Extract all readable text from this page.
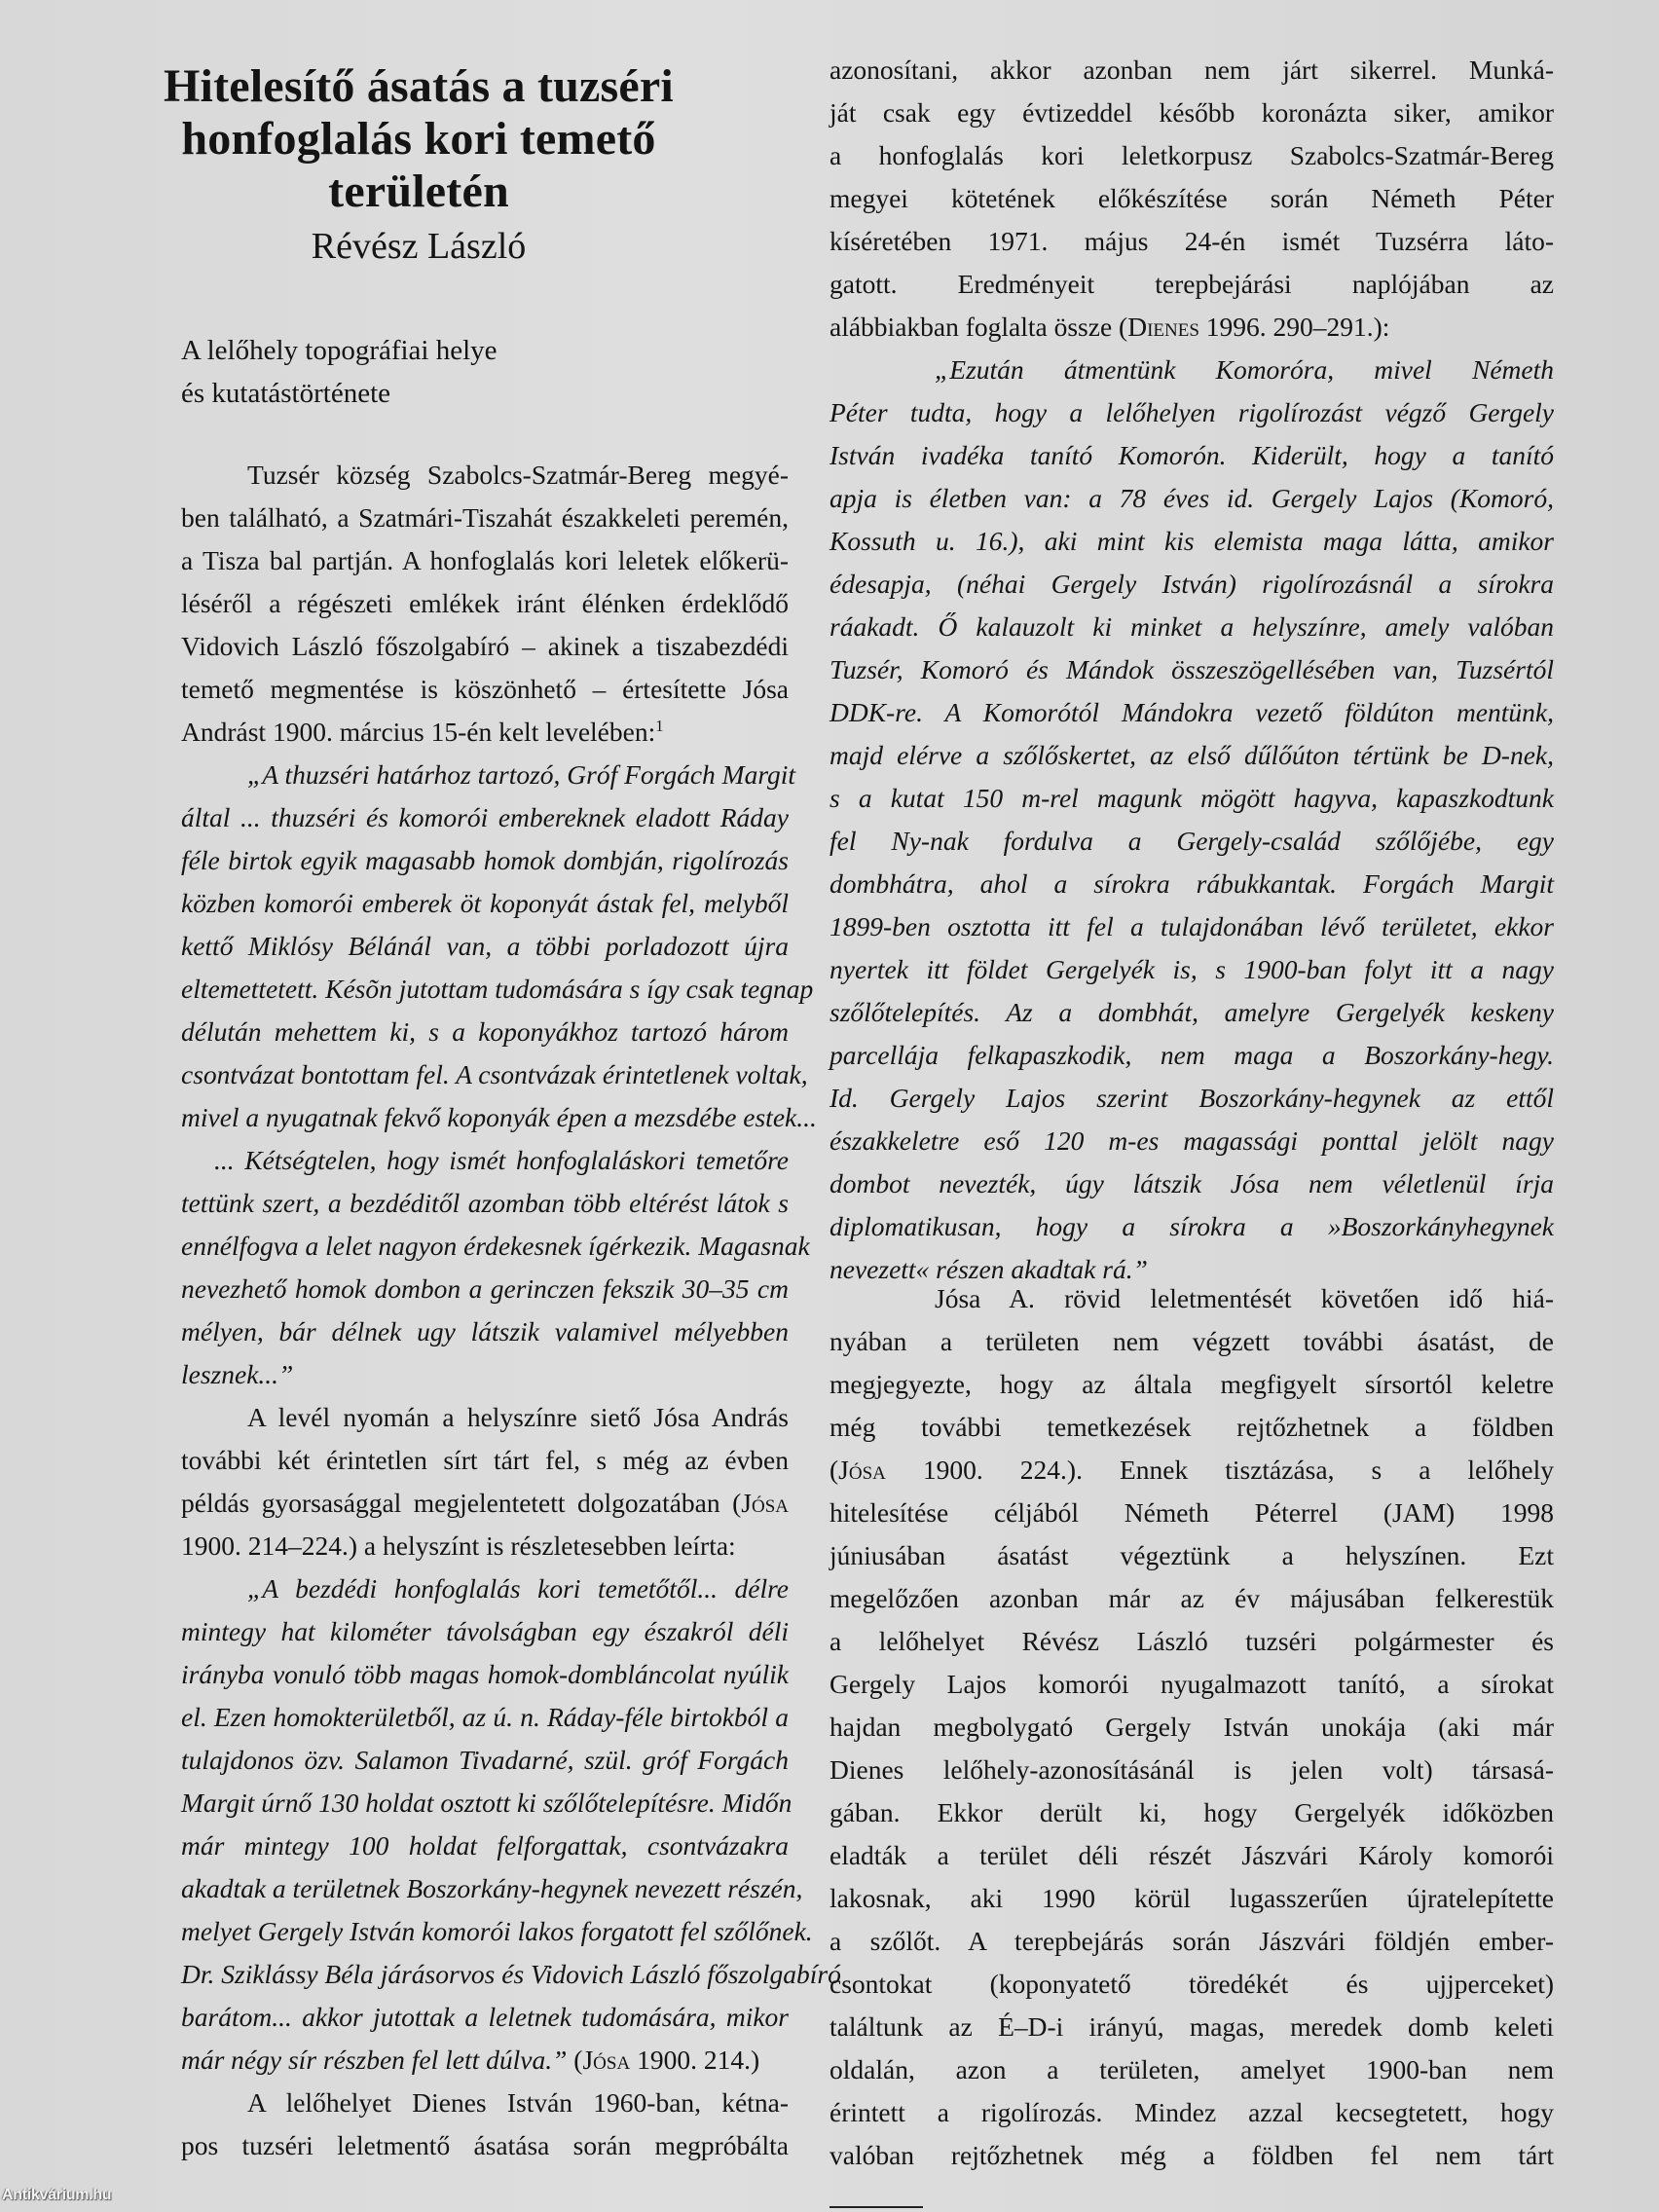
Hitelesítő ásatás a tuzséri
honfoglalás kori temető
területén
Révész László
A lelőhely topográfiai helye
és kutatástörténete
Tuzsér község Szabolcs-Szatmár-Bereg megyé-
ben található, a Szatmári-Tiszahát északkeleti peremén,
a Tisza bal partján. A honfoglalás kori leletek előkerü-
léséről a régészeti emlékek iránt élénken érdeklődő
Vidovich László főszolgabíró – akinek a tiszabezdédi
temető megmentése is köszönhető – értesítette Jósa
Andrást 1900. március 15-én kelt levelében:$^1$
„A thuzséri határhoz tartozó, Gróf Forgách Margit
által ... thuzséri és komorói embereknek eladott Ráday
féle birtok egyik magasabb homok dombján, rigolírozás
közben komorói emberek öt koponyát ástak fel, melyből
kettő Miklósy Bélánál van, a többi porladozott újra
eltemettetett. Késõn jutottam tudomására s így csak tegnap
délután mehettem ki, s a koponyákhoz tartozó három
csontvázat bontottam fel. A csontvázak érintetlenek voltak,
mivel a nyugatnak fekvő koponyák épen a mezsdébe estek...
... Kétségtelen, hogy ismét honfoglaláskori temetőre
tettünk szert, a bezdéditől azomban több eltérést látok s
ennélfogva a lelet nagyon érdekesnek ígérkezik. Magasnak
nevezhető homok dombon a gerinczen fekszik 30–35 cm
mélyen, bár délnek ugy látszik valamivel mélyebben
lesznek...”
A levél nyomán a helyszínre siető Jósa András
további két érintetlen sírt tárt fel, s még az évben
példás gyorsasággal megjelentetett dolgozatában (Jósa
1900. 214–224.) a helyszínt is részletesebben leírta:
„A bezdédi honfoglalás kori temetőtől... délre
mintegy hat kilométer távolságban egy északról déli
irányba vonuló több magas homok-dombláncolat nyúlik
el. Ezen homokterületből, az ú. n. Ráday-féle birtokból a
tulajdonos özv. Salamon Tivadarné, szül. gróf Forgách
Margit úrnő 130 holdat osztott ki szőlőtelepítésre. Midőn
már mintegy 100 holdat felforgattak, csontvázakra
akadtak a területnek Boszorkány-hegynek nevezett részén,
melyet Gergely István komorói lakos forgatott fel szőlőnek.
Dr. Sziklássy Béla járásorvos és Vidovich László főszolgabíró
barátom... akkor jutottak a leletnek tudomására, mikor
már négy sír részben fel lett dúlva.” (Jósa 1900. 214.)
A lelőhelyet Dienes István 1960-ban, kétna-
pos tuzséri leletmentő ásatása során megpróbálta
azonosítani, akkor azonban nem járt sikerrel. Munká-
ját csak egy évtizeddel később koronázta siker, amikor
a honfoglalás kori leletkorpusz Szabolcs-Szatmár-Bereg
megyei kötetének előkészítése során Németh Péter
kíséretében 1971. május 24-én ismét Tuzsérra láto-
gatott. Eredményeit terepbejárási naplójában az
alábbiakban foglalta össze (Dienes 1996. 290–291.):
„Ezután átmentünk Komoróra, mivel Németh
Péter tudta, hogy a lelőhelyen rigolírozást végző Gergely
István ivadéka tanító Komorón. Kiderült, hogy a tanító
apja is életben van: a 78 éves id. Gergely Lajos (Komoró,
Kossuth u. 16.), aki mint kis elemista maga látta, amikor
édesapja, (néhai Gergely István) rigolírozásnál a sírokra
ráakadt. Ő kalauzolt ki minket a helyszínre, amely valóban
Tuzsér, Komoró és Mándok összeszögellésében van, Tuzsértól
DDK-re. A Komorótól Mándokra vezető földúton mentünk,
majd elérve a szőlőskertet, az első dűlőúton tértünk be D-nek,
s a kutat 150 m-rel magunk mögött hagyva, kapaszkodtunk
fel Ny-nak fordulva a Gergely-család szőlőjébe, egy
dombhátra, ahol a sírokra rábukkantak. Forgách Margit
1899-ben osztotta itt fel a tulajdonában lévő területet, ekkor
nyertek itt földet Gergelyék is, s 1900-ban folyt itt a nagy
szőlőtelepítés. Az a dombhát, amelyre Gergelyék keskeny
parcellája felkapaszkodik, nem maga a Boszorkány-hegy.
Id. Gergely Lajos szerint Boszorkány-hegynek az ettől
északkeletre eső 120 m-es magassági ponttal jelölt nagy
dombot nevezték, úgy látszik Jósa nem véletlenül írja
diplomatikusan, hogy a sírokra a »Boszorkányhegynek
nevezett« részen akadtak rá.”
Jósa A. rövid leletmentését követően idő hiá-
nyában a területen nem végzett további ásatást, de
megjegyezte, hogy az általa megfigyelt sírsortól keletre
még további temetkezések rejtőzhetnek a földben
(Jósa 1900. 224.). Ennek tisztázása, s a lelőhely
hitelesítése céljából Németh Péterrel (JAM) 1998
júniusában ásatást végeztünk a helyszínen. Ezt
megelőzően azonban már az év májusában felkerestük
a lelőhelyet Révész László tuzséri polgármester és
Gergely Lajos komorói nyugalmazott tanító, a sírokat
hajdan megbolygató Gergely István unokája (aki már
Dienes lelőhely-azonosításánál is jelen volt) társasá-
gában. Ekkor derült ki, hogy Gergelyék időközben
eladták a terület déli részét Jászvári Károly komorói
lakosnak, aki 1990 körül lugasszerűen újratelepítette
a szőlőt. A terepbejárás során Jászvári földjén ember-
csontokat (koponyatető töredékét és ujjperceket)
találtunk az É–D-i irányú, magas, meredek domb keleti
oldalán, azon a területen, amelyet 1900-ban nem
érintett a rigolírozás. Mindez azzal kecsegtetett, hogy
valóban rejtőzhetnek még a földben fel nem tárt
Antikvárium.hu
